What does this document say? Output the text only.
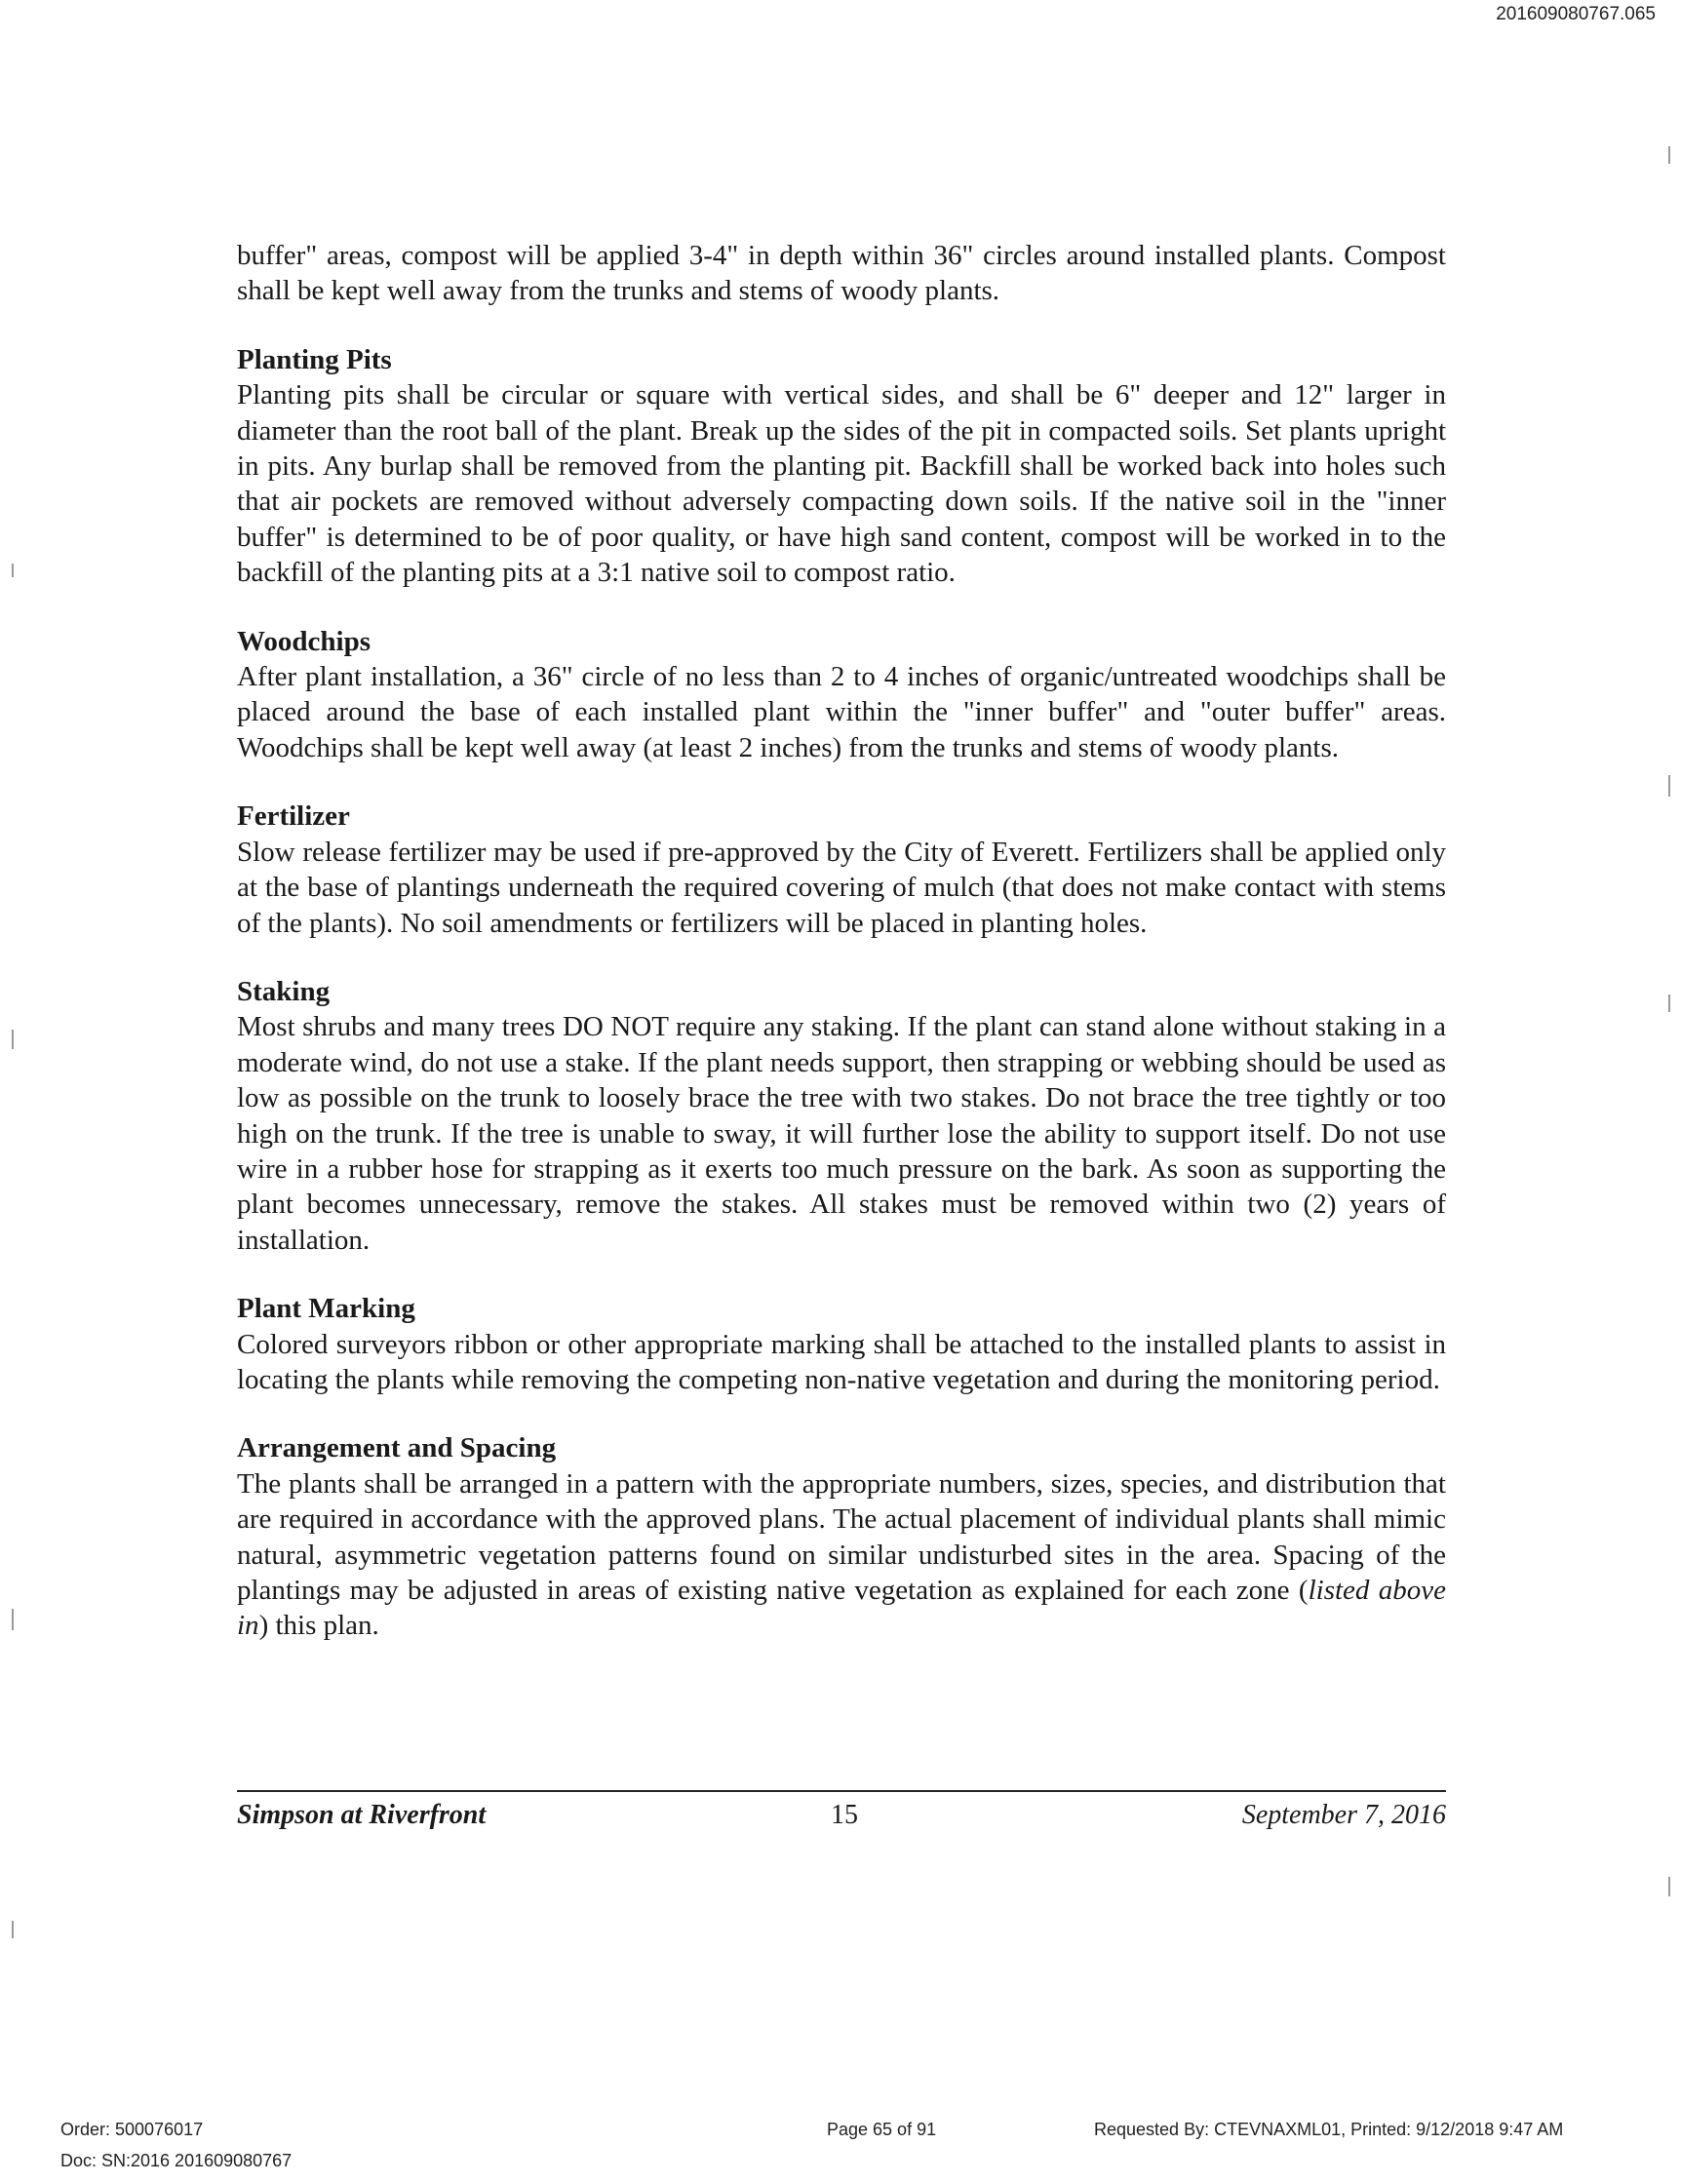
201609080767.065

buffer" areas, compost will be applied 3-4" in depth within 36" circles around installed plants. Compost shall be kept well away from the trunks and stems of woody plants.

Planting Pits

Planting pits shall be circular or square with vertical sides, and shall be 6" deeper and 12" larger in diameter than the root ball of the plant. Break up the sides of the pit in compacted soils. Set plants upright in pits. Any burlap shall be removed from the planting pit. Backfill shall be worked back into holes such that air pockets are removed without adversely compacting down soils. If the native soil in the "inner buffer" is determined to be of poor quality, or have high sand content, compost will be worked in to the backfill of the planting pits at a 3:1 native soil to compost ratio.

Woodchips

After plant installation, a 36" circle of no less than 2 to 4 inches of organic/untreated woodchips shall be placed around the base of each installed plant within the "inner buffer" and "outer buffer" areas. Woodchips shall be kept well away (at least 2 inches) from the trunks and stems of woody plants.

Fertilizer

Slow release fertilizer may be used if pre-approved by the City of Everett. Fertilizers shall be applied only at the base of plantings underneath the required covering of mulch (that does not make contact with stems of the plants). No soil amendments or fertilizers will be placed in planting holes.

Staking

Most shrubs and many trees DO NOT require any staking. If the plant can stand alone without staking in a moderate wind, do not use a stake. If the plant needs support, then strapping or webbing should be used as low as possible on the trunk to loosely brace the tree with two stakes. Do not brace the tree tightly or too high on the trunk. If the tree is unable to sway, it will further lose the ability to support itself. Do not use wire in a rubber hose for strapping as it exerts too much pressure on the bark. As soon as supporting the plant becomes unnecessary, remove the stakes. All stakes must be removed within two (2) years of installation.

Plant Marking

Colored surveyors ribbon or other appropriate marking shall be attached to the installed plants to assist in locating the plants while removing the competing non-native vegetation and during the monitoring period.

Arrangement and Spacing

The plants shall be arranged in a pattern with the appropriate numbers, sizes, species, and distribution that are required in accordance with the approved plans. The actual placement of individual plants shall mimic natural, asymmetric vegetation patterns found on similar undisturbed sites in the area. Spacing of the plantings may be adjusted in areas of existing native vegetation as explained for each zone (listed above in) this plan.

Simpson at Riverfront	15	September 7, 2016
Order: 500076017
Doc: SN:2016 201609080767
Page 65 of 91	Requested By: CTEVNAXML01, Printed: 9/12/2018 9:47 AM
